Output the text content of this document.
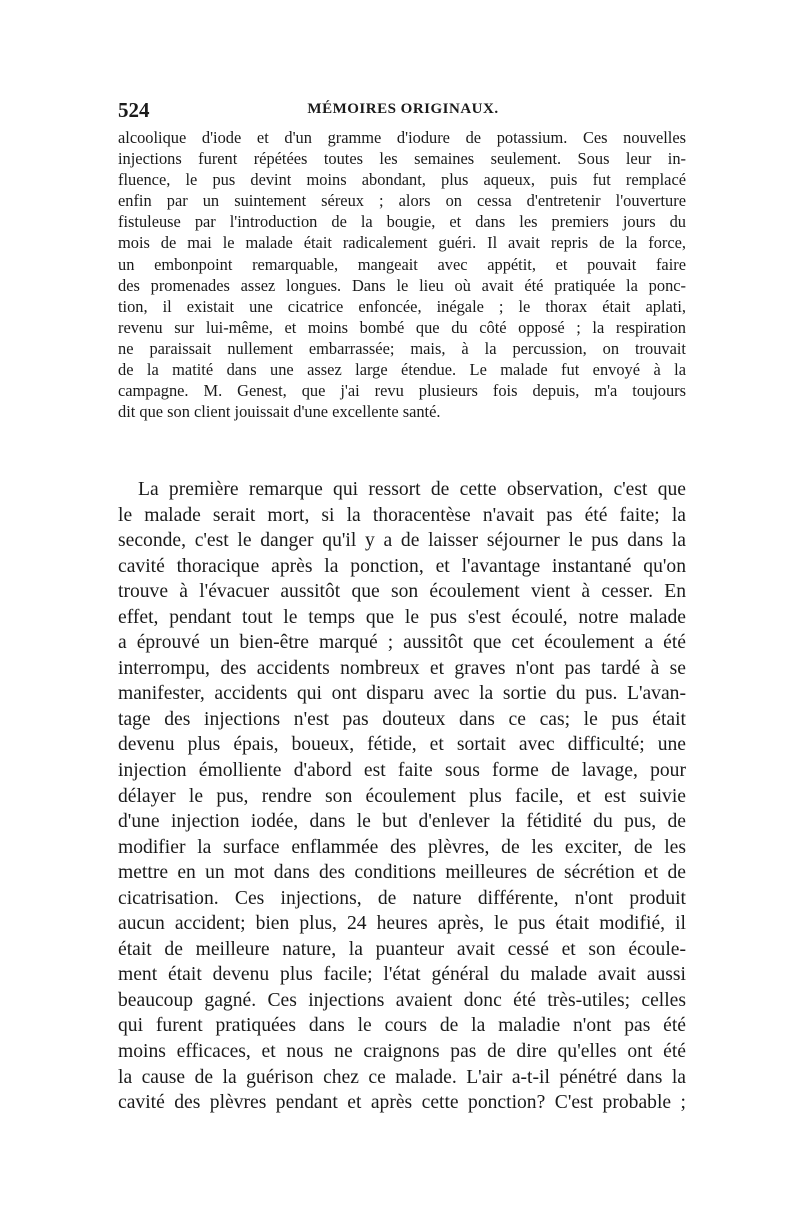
524	MÉMOIRES ORIGINAUX.
alcoolique d'iode et d'un gramme d'iodure de potassium. Ces nouvelles
injections furent répétées toutes les semaines seulement. Sous leur in-
fluence, le pus devint moins abondant, plus aqueux, puis fut remplacé
enfin par un suintement séreux ; alors on cessa d'entretenir l'ouverture
fistuleuse par l'introduction de la bougie, et dans les premiers jours du
mois de mai le malade était radicalement guéri. Il avait repris de la force,
un embonpoint remarquable, mangeait avec appétit, et pouvait faire
des promenades assez longues. Dans le lieu où avait été pratiquée la ponc-
tion, il existait une cicatrice enfoncée, inégale ; le thorax était aplati,
revenu sur lui-même, et moins bombé que du côté opposé ; la respiration
ne paraissait nullement embarrassée; mais, à la percussion, on trouvait
de la matité dans une assez large étendue. Le malade fut envoyé à la
campagne. M. Genest, que j'ai revu plusieurs fois depuis, m'a toujours
dit que son client jouissait d'une excellente santé.
La première remarque qui ressort de cette observation, c'est que
le malade serait mort, si la thoracentèse n'avait pas été faite; la
seconde, c'est le danger qu'il y a de laisser séjourner le pus dans la
cavité thoracique après la ponction, et l'avantage instantané qu'on
trouve à l'évacuer aussitôt que son écoulement vient à cesser. En
effet, pendant tout le temps que le pus s'est écoulé, notre malade
a éprouvé un bien-être marqué ; aussitôt que cet écoulement a été
interrompu, des accidents nombreux et graves n'ont pas tardé à se
manifester, accidents qui ont disparu avec la sortie du pus. L'avan-
tage des injections n'est pas douteux dans ce cas; le pus était
devenu plus épais, boueux, fétide, et sortait avec difficulté; une
injection émolliente d'abord est faite sous forme de lavage, pour
délayer le pus, rendre son écoulement plus facile, et est suivie
d'une injection iodée, dans le but d'enlever la fétidité du pus, de
modifier la surface enflammée des plèvres, de les exciter, de les
mettre en un mot dans des conditions meilleures de sécrétion et de
cicatrisation. Ces injections, de nature différente, n'ont produit
aucun accident; bien plus, 24 heures après, le pus était modifié, il
était de meilleure nature, la puanteur avait cessé et son écoule-
ment était devenu plus facile; l'état général du malade avait aussi
beaucoup gagné. Ces injections avaient donc été très-utiles; celles
qui furent pratiquées dans le cours de la maladie n'ont pas été
moins efficaces, et nous ne craignons pas de dire qu'elles ont été
la cause de la guérison chez ce malade. L'air a-t-il pénétré dans la
cavité des plèvres pendant et après cette ponction? C'est probable ;
